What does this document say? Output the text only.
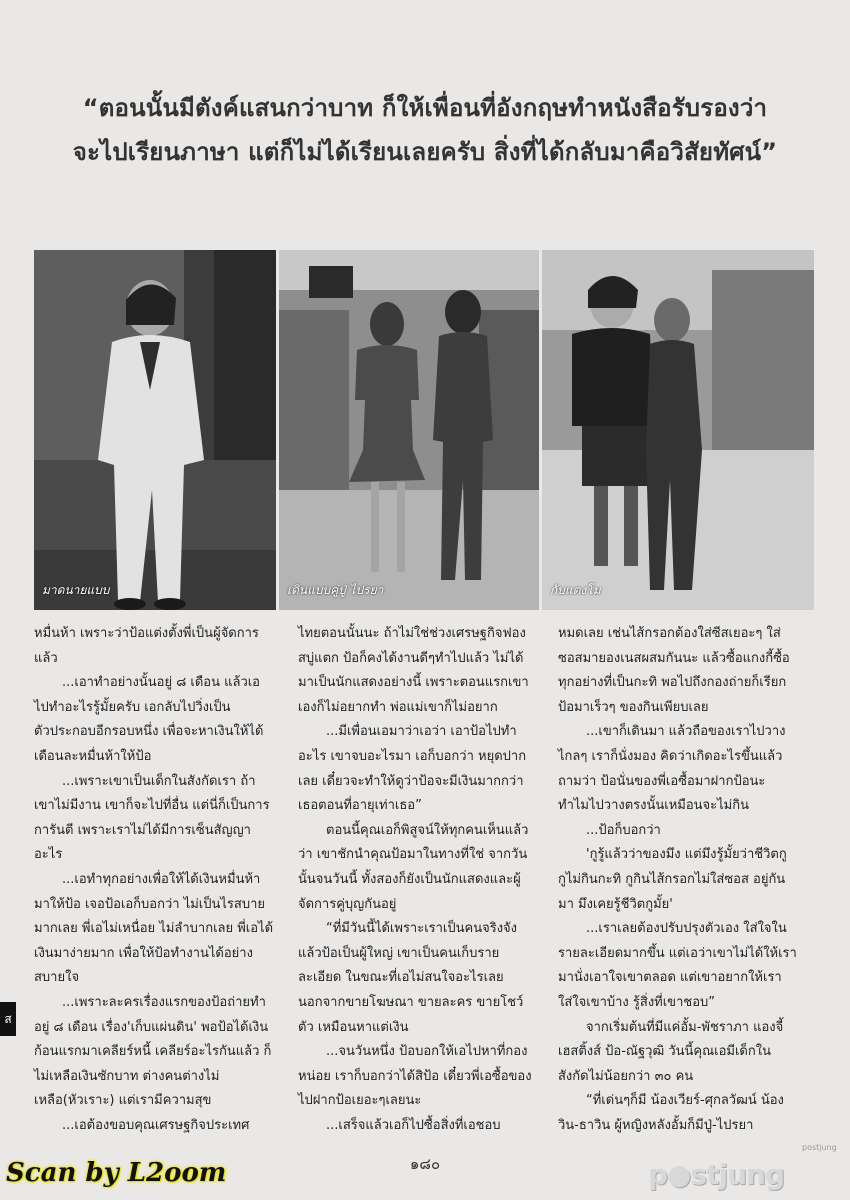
“ตอนนั้นมีตังค์แสนกว่าบาท ก็ให้เพื่อนที่อังกฤษทำหนังสือรับรองว่า
จะไปเรียนภาษา แต่ก็ไม่ได้เรียนเลยครับ สิ่งที่ได้กลับมาคือวิสัยทัศน์”
มาดนายแบบ	เดินแบบคู่ปู่ ไปรยา	กับแตงโม

หมื่นห้า เพราะว่าป้อแต่งตั้งพี่เป็นผู้จัดการแล้ว

...เอาทำอย่างนั้นอยู่ ๘ เดือน แล้วเอไปทำอะไรรู้มั้ยครับ เอกลับไปวิ่งเป็นตัวประกอบอีกรอบหนึ่ง เพื่อจะหาเงินให้ได้เดือนละหมื่นห้าให้ป้อ

...เพราะเขาเป็นเด็กในสังกัดเรา ถ้าเขาไม่มีงาน เขาก็จะไปที่อื่น แต่นี่ก็เป็นการการันตี เพราะเราไม่ได้มีการเซ็นสัญญาอะไร

...เอทำทุกอย่างเพื่อให้ได้เงินหมื่นห้ามาให้ป้อ เจอป้อเอก็บอกว่า ไม่เป็นไรสบายมากเลย พี่เอไม่เหนื่อย ไม่ลำบากเลย พี่เอได้เงินมาง่ายมาก เพื่อให้ป้อทำงานได้อย่างสบายใจ

...เพราะละครเรื่องแรกของป้อถ่ายทำอยู่ ๘ เดือน เรื่อง'เก็บแผ่นดิน' พอป้อได้เงินก้อนแรกมาเคลียร์หนี้ เคลียร์อะไรกันแล้ว ก็ไม่เหลือเงินซักบาท ต่างคนต่างไม่เหลือ(หัวเราะ) แต่เรามีความสุข

...เอต้องขอบคุณเศรษฐกิจประเทศ

ไทยตอนนั้นนะ ถ้าไม่ใช่ช่วงเศรษฐกิจฟองสบู่แตก ป้อก็คงได้งานดีๆทำไปแล้ว ไม่ได้มาเป็นนักแสดงอย่างนี้ เพราะตอนแรกเขาเองก็ไม่อยากทำ พ่อแม่เขาก็ไม่อยาก

...มีเพื่อนเอมาว่าเอว่า เอาป้อไปทำอะไร เขาจบอะไรมา เอก็บอกว่า หยุดปากเลย เดี๋ยวจะทำให้ดูว่าป้อจะมีเงินมากกว่าเธอตอนที่อายุเท่าเธอ”

ตอนนี้คุณเอก็พิสูจน์ให้ทุกคนเห็นแล้วว่า เขาชักนำคุณป้อมาในทางที่ใช่ จากวันนั้นจนวันนี้ ทั้งสองก็ยังเป็นนักแสดงและผู้จัดการคู่บุญกันอยู่

“ที่มีวันนี้ได้เพราะเราเป็นคนจริงจัง แล้วป้อเป็นผู้ใหญ่ เขาเป็นคนเก็บรายละเอียด ในขณะที่เอไม่สนใจอะไรเลยนอกจากขายโฆษณา ขายละคร ขายโชว์ตัว เหมือนหาแต่เงิน

...จนวันหนึ่ง ป้อบอกให้เอไปหาที่กองหน่อย เราก็บอกว่าได้สิป้อ เดี๋ยวพี่เอซื้อของไปฝากป้อเยอะๆเลยนะ

...เสร็จแล้วเอก็ไปซื้อสิ่งที่เอชอบ

หมดเลย เช่นไส้กรอกต้องใส่ซีสเยอะๆ ใส่ซอสมายองเนสผสมกันนะ แล้วซื้อแกงกี้ซื้อทุกอย่างที่เป็นกะทิ พอไปถึงกองถ่ายก็เรียก ป้อมาเร็วๆ ของกินเพียบเลย

...เขาก็เดินมา แล้วถือของเราไปวางไกลๆ เราก็นั่งมอง คิดว่าเกิดอะไรขึ้นแล้วถามว่า ป้อนั่นของพี่เอซื้อมาฝากป้อนะ ทำไมไปวางตรงนั้นเหมือนจะไม่กิน

...ป้อก็บอกว่า

'กูรู้แล้วว่าของมึง แต่มึงรู้มั้ยว่าชีวิตกู กูไม่กินกะทิ กูกินไส้กรอกไม่ใส่ซอส อยู่กันมา มึงเคยรู้ชีวิตกูมั้ย'

...เราเลยต้องปรับปรุงตัวเอง ใส่ใจในรายละเอียดมากขึ้น แต่เอว่าเขาไม่ได้ให้เรามานั่งเอาใจเขาตลอด แต่เขาอยากให้เราใส่ใจเขาบ้าง รู้สิ่งที่เขาชอบ”

จากเริ่มต้นที่มีแค่อั้ม-พัชราภา แองจี้ เฮสติ้งส์ ป้อ-ณัฐวุฒิ วันนี้คุณเอมีเด็กในสังกัดไม่น้อยกว่า ๓๐ คน

“ที่เด่นๆก็มี น้องเวียร์-ศุกลวัฒน์ น้องวิน-ธาวิน ผู้หญิงหลังอั้มก็มีปู่-ไปรยา

ส
๑๘๐
Scan by L2oom	p●stjung
postjung
